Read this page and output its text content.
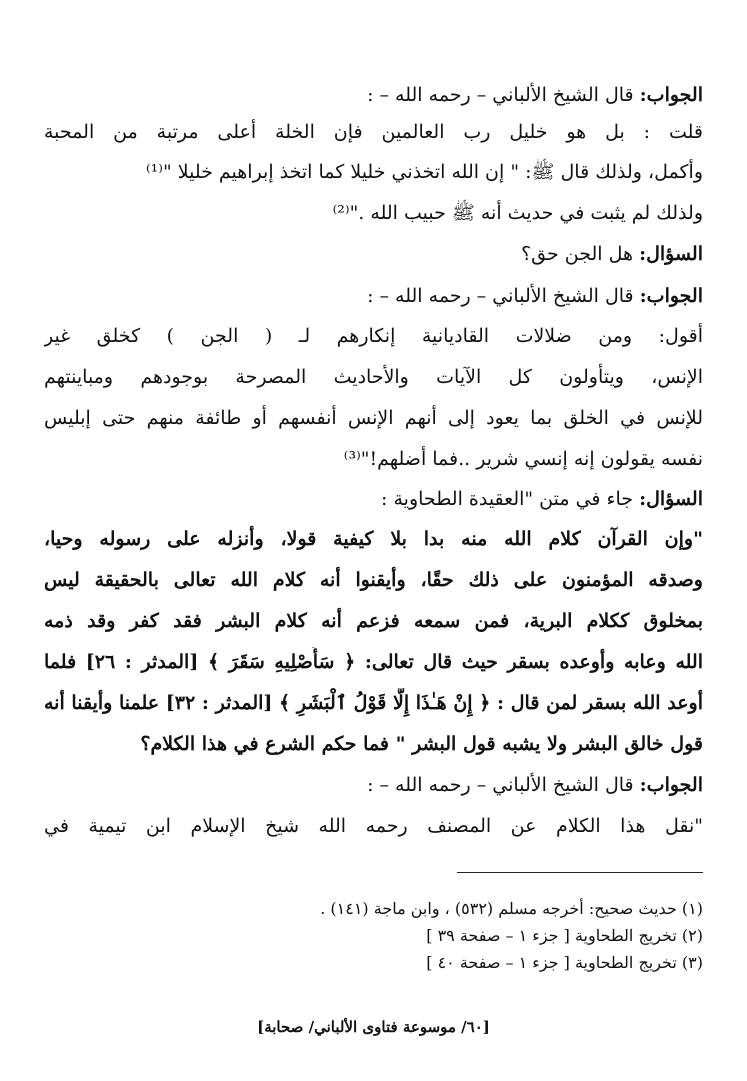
الجواب: قال الشيخ الألباني – رحمه الله – :
قلت : بل هو خليل رب العالمين فإن الخلة أعلى مرتبة من المحبة
وأكمل، ولذلك قال ﷺ: " إن الله اتخذني خليلا كما اتخذ إبراهيم خليلا "⁽¹⁾
ولذلك لم يثبت في حديث أنه ﷺ حبيب الله ."⁽²⁾
السؤال: هل الجن حق؟
الجواب: قال الشيخ الألباني – رحمه الله – :
أقول: ومن ضلالات القاديانية إنكارهم لـ ( الجن ) كخلق غير
الإنس، ويتأولون كل الآيات والأحاديث المصرحة بوجودهم ومباينتهم
للإنس في الخلق بما يعود إلى أنهم الإنس أنفسهم أو طائفة منهم حتى إبليس
نفسه يقولون إنه إنسي شرير ..فما أضلهم!"⁽³⁾
السؤال: جاء في متن "العقيدة الطحاوية :
"وإن القرآن كلام الله منه بدا بلا كيفية قولا، وأنزله على رسوله وحيا،
وصدقه المؤمنون على ذلك حقًا، وأيقنوا أنه كلام الله تعالى بالحقيقة ليس
بمخلوق ككلام البرية، فمن سمعه فزعم أنه كلام البشر فقد كفر وقد ذمه
الله وعابه وأوعده بسقر حيث قال تعالى: ﴿ سَأُصْلِيهِ سَقَرَ ﴾ [المدثر : ٢٦] فلما
أوعد الله بسقر لمن قال : ﴿ إِنْ هَـٰذَا إِلَّا قَوْلُ ٱلْبَشَرِ ﴾ [المدثر : ٣٢] علمنا وأيقنا أنه
قول خالق البشر ولا يشبه قول البشر " فما حكم الشرع في هذا الكلام؟
الجواب: قال الشيخ الألباني – رحمه الله – :
"نقل هذا الكلام عن المصنف رحمه الله شيخ الإسلام ابن تيمية في
(١) حديث صحيح: أخرجه مسلم (٥٣٢) ، وابن ماجة (١٤١) .
(٢) تخريج الطحاوية [ جزء ١ – صفحة ٣٩ ]
(٣) تخريج الطحاوية [ جزء ١ – صفحة ٤٠ ]
[٦٠/ موسوعة فتاوى الألباني/ صحابة]
